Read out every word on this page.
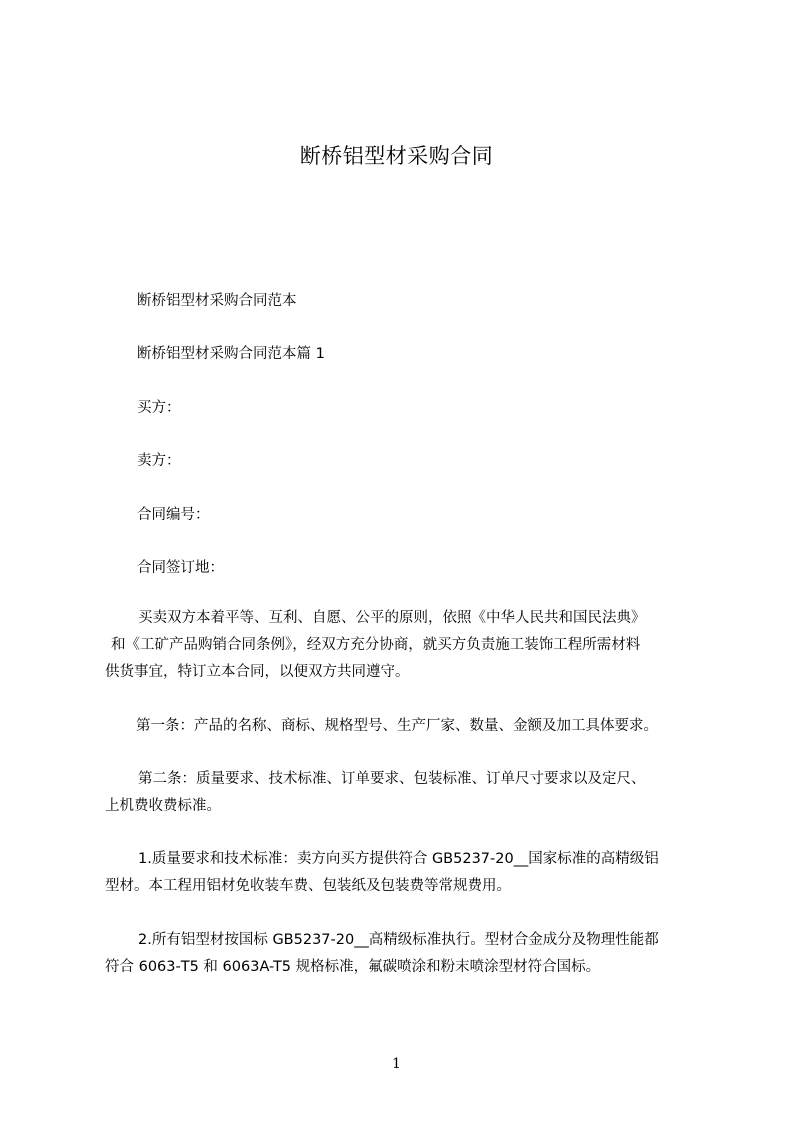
断桥铝型材采购合同
断桥铝型材采购合同范本
断桥铝型材采购合同范本篇 1
买方：
卖方：
合同编号：
合同签订地：
买卖双方本着平等、互利、自愿、公平的原则，依照《中华人民共和国民法典》
和《工矿产品购销合同条例》，经双方充分协商，就买方负责施工装饰工程所需材料
供货事宜，特订立本合同，以便双方共同遵守。
第一条：产品的名称、商标、规格型号、生产厂家、数量、金额及加工具体要求。
第二条：质量要求、技术标准、订单要求、包装标准、订单尺寸要求以及定尺、
上机费收费标准。
1.质量要求和技术标准：卖方向买方提供符合 GB5237-20__国家标准的高精级铝
型材。本工程用铝材免收装车费、包装纸及包装费等常规费用。
2.所有铝型材按国标 GB5237-20__高精级标准执行。型材合金成分及物理性能都
符合 6063-T5 和 6063A-T5 规格标准，氟碳喷涂和粉末喷涂型材符合国标。
1
